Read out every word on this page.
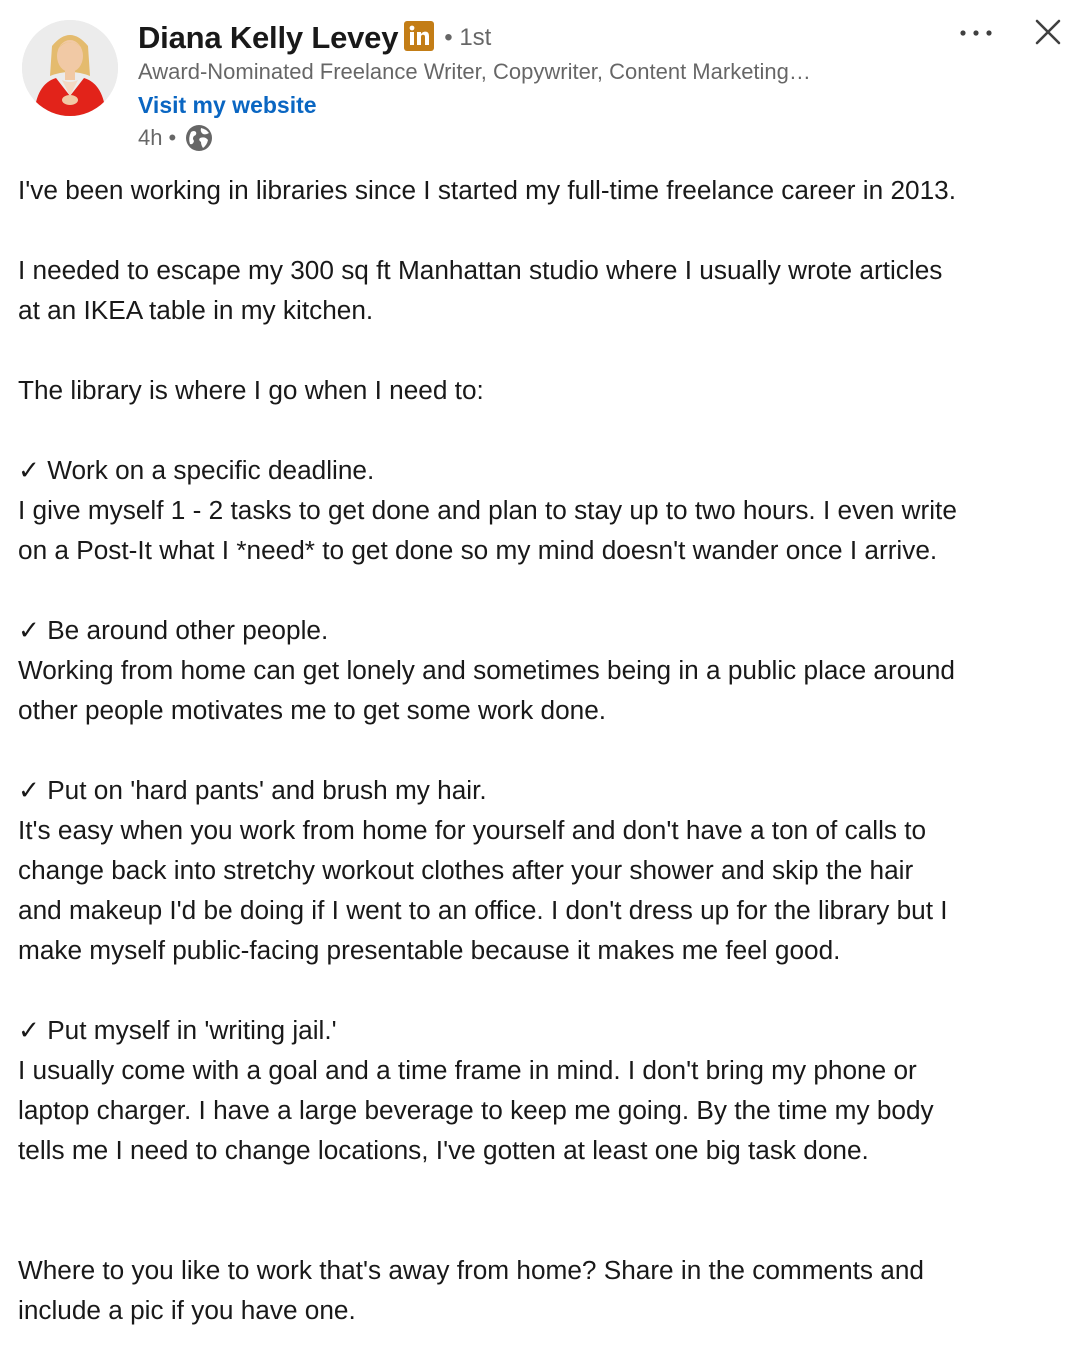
Diana Kelly Levey • 1st
Award-Nominated Freelance Writer, Copywriter, Content Marketing…
Visit my website
4h •

I've been working in libraries since I started my full-time freelance career in 2013.

I needed to escape my 300 sq ft Manhattan studio where I usually wrote articles

at an IKEA table in my kitchen.

The library is where I go when I need to:

✓ Work on a specific deadline.

I give myself 1 - 2 tasks to get done and plan to stay up to two hours. I even write

on a Post-It what I *need* to get done so my mind doesn't wander once I arrive.

✓ Be around other people.

Working from home can get lonely and sometimes being in a public place around

other people motivates me to get some work done.

✓ Put on 'hard pants' and brush my hair.

It's easy when you work from home for yourself and don't have a ton of calls to

change back into stretchy workout clothes after your shower and skip the hair

and makeup I'd be doing if I went to an office. I don't dress up for the library but I

make myself public-facing presentable because it makes me feel good.

✓ Put myself in 'writing jail.'

I usually come with a goal and a time frame in mind. I don't bring my phone or

laptop charger. I have a large beverage to keep me going. By the time my body

tells me I need to change locations, I've gotten at least one big task done.

Where to you like to work that's away from home? Share in the comments and

include a pic if you have one.
